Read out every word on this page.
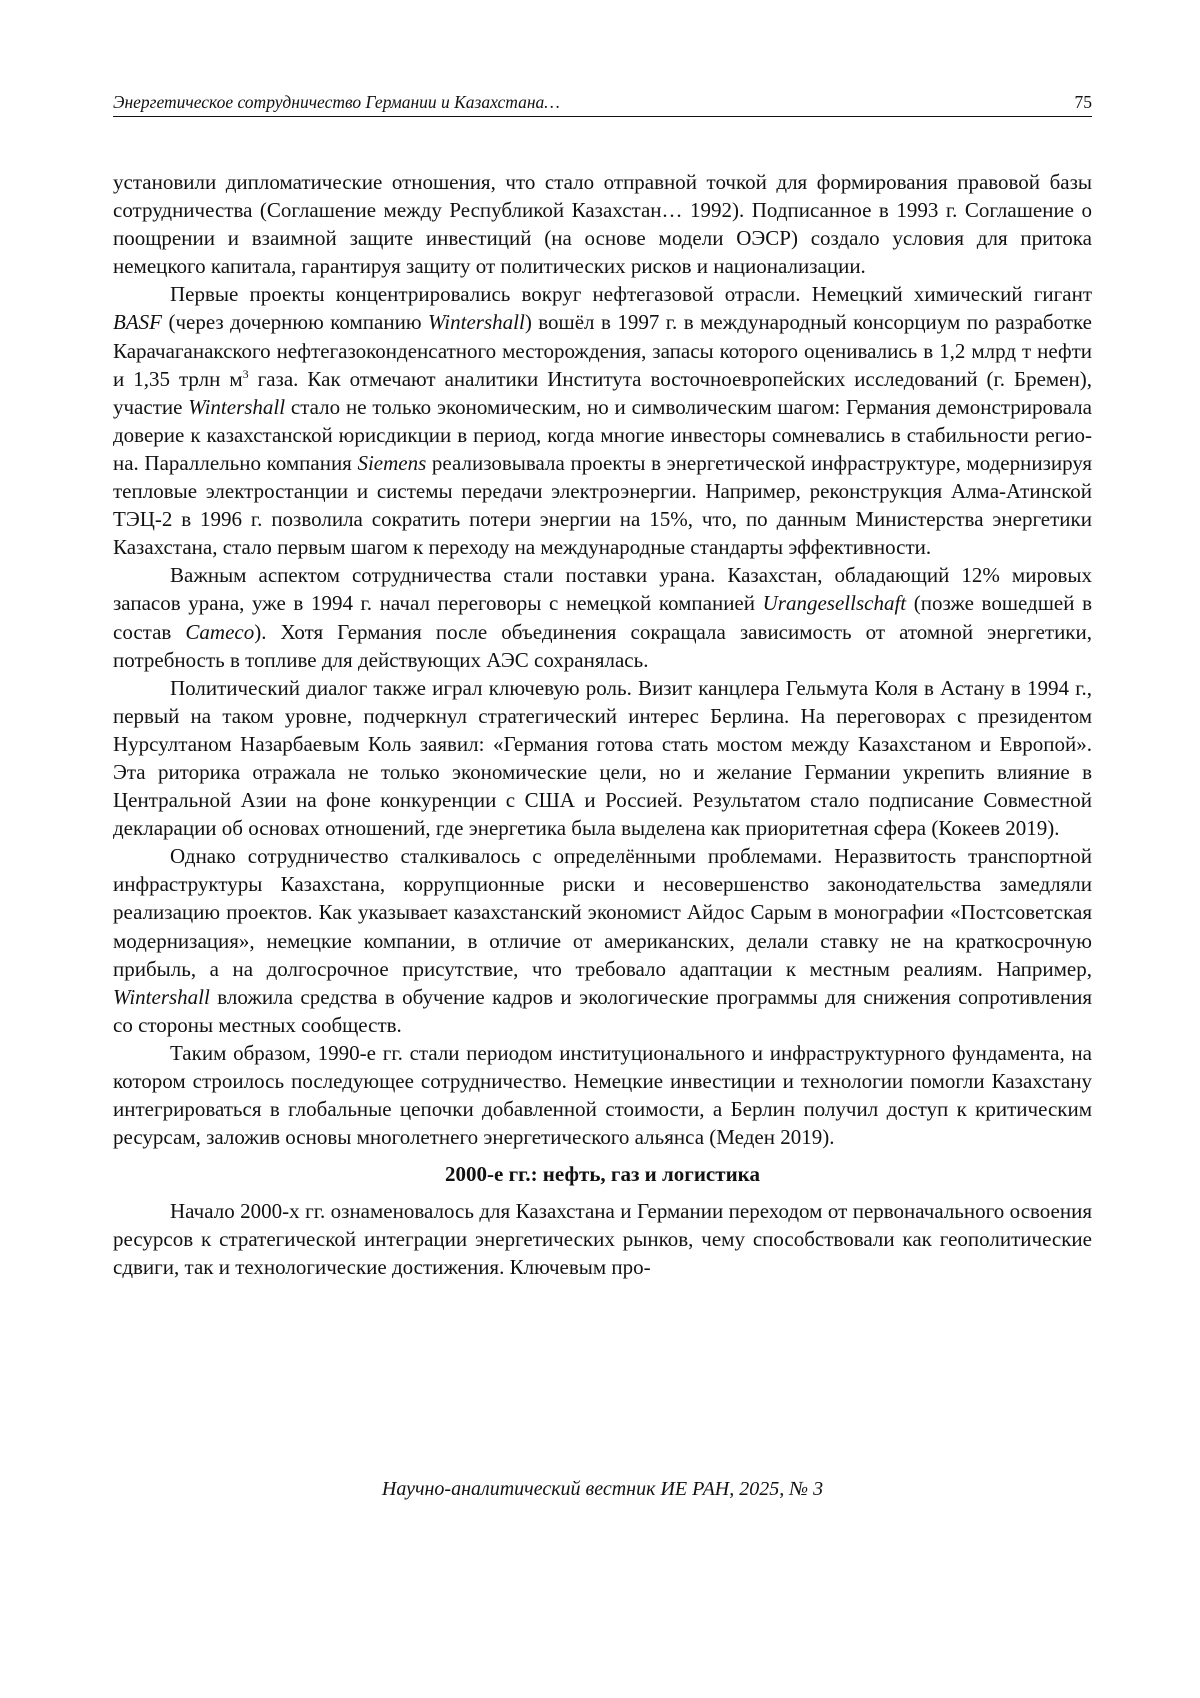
Энергетическое сотрудничество Германии и Казахстана…	75

установили дипломатические отношения, что стало отправной точкой для формирования правовой базы сотрудничества (Соглашение между Республикой Казахстан… 1992). Подписанное в 1993 г. Соглашение о поощрении и взаимной защите инвестиций (на основе модели ОЭСР) создало условия для притока немецкого капитала, гарантируя защиту от политических рисков и национализации.

Первые проекты концентрировались вокруг нефтегазовой отрасли. Немецкий химический гигант BASF (через дочернюю компанию Wintershall) вошёл в 1997 г. в международный консорциум по разработке Карачаганакского нефтегазоконденсатного месторождения, запасы которого оценивались в 1,2 млрд т нефти и 1,35 трлн $м^3$ газа. Как отмечают аналитики Института восточноевропейских исследований (г. Бремен), участие Wintershall стало не только экономическим, но и символическим шагом: Германия демонстрировала доверие к казахстанской юрисдикции в период, когда многие инвесторы сомневались в стабильности региона. Параллельно компания Siemens реализовывала проекты в энергетической инфраструктуре, модернизируя тепловые электростанции и системы передачи электроэнергии. Например, реконструкция Алма-Атинской ТЭЦ-2 в 1996 г. позволила сократить потери энергии на 15%, что, по данным Министерства энергетики Казахстана, стало первым шагом к переходу на международные стандарты эффективности.

Важным аспектом сотрудничества стали поставки урана. Казахстан, обладающий 12% мировых запасов урана, уже в 1994 г. начал переговоры с немецкой компанией Urangesellschaft (позже вошедшей в состав Cameco). Хотя Германия после объединения сокращала зависимость от атомной энергетики, потребность в топливе для действующих АЭС сохранялась.

Политический диалог также играл ключевую роль. Визит канцлера Гельмута Коля в Астану в 1994 г., первый на таком уровне, подчеркнул стратегический интерес Берлина. На переговорах с президентом Нурсултаном Назарбаевым Коль заявил: «Германия готова стать мостом между Казахстаном и Европой». Эта риторика отражала не только экономические цели, но и желание Германии укрепить влияние в Центральной Азии на фоне конкуренции с США и Россией. Результатом стало подписание Совместной декларации об основах отношений, где энергетика была выделена как приоритетная сфера (Кокеев 2019).

Однако сотрудничество сталкивалось с определёнными проблемами. Неразвитость транспортной инфраструктуры Казахстана, коррупционные риски и несовершенство законодательства замедляли реализацию проектов. Как указывает казахстанский экономист Айдос Сарым в монографии «Постсоветская модернизация», немецкие компании, в отличие от американских, делали ставку не на краткосрочную прибыль, а на долгосрочное присутствие, что требовало адаптации к местным реалиям. Например, Wintershall вложила средства в обучение кадров и экологические программы для снижения сопротивления со стороны местных сообществ.

Таким образом, 1990-е гг. стали периодом институционального и инфраструктурного фундамента, на котором строилось последующее сотрудничество. Немецкие инвестиции и технологии помогли Казахстану интегрироваться в глобальные цепочки добавленной стоимости, а Берлин получил доступ к критическим ресурсам, заложив основы многолетнего энергетического альянса (Меден 2019).

2000-е гг.: нефть, газ и логистика

Начало 2000-х гг. ознаменовалось для Казахстана и Германии переходом от первоначального освоения ресурсов к стратегической интеграции энергетических рынков, чему способствовали как геополитические сдвиги, так и технологические достижения. Ключевым про-

Научно-аналитический вестник ИЕ РАН, 2025, № 3
